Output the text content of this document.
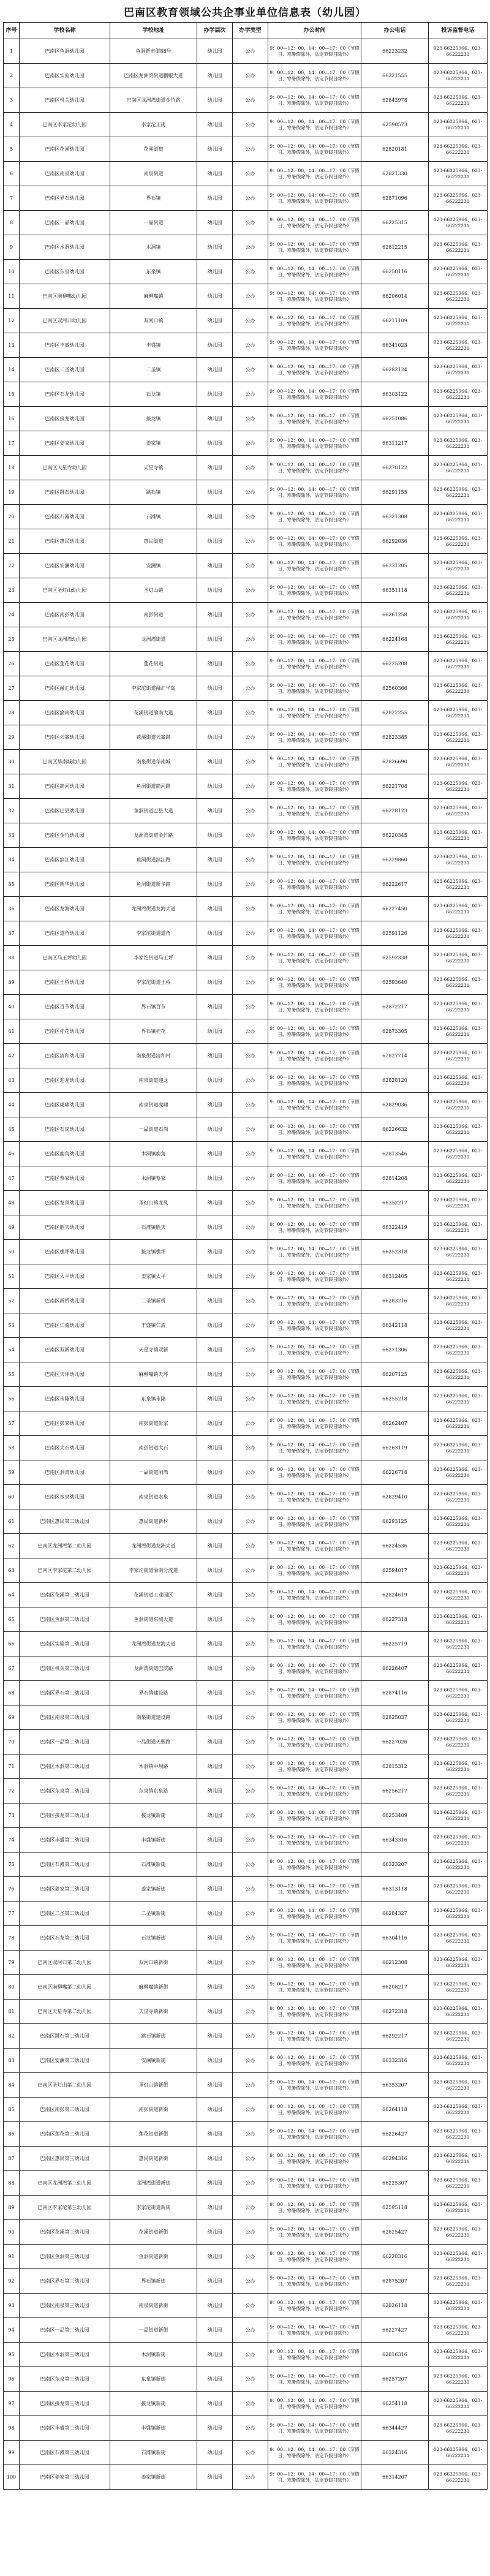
巴南区教育领域公共企事业单位信息表（幼儿园）
序号	学校名称	学校地址	办学层次	办学类型	办公时间	办公电话	投诉监督电话
1	巴南区鱼洞幼儿园	鱼洞新市街88号	幼儿园	公办	9：00—12：00，14：00—17：00（节假日、寒暑假除外，法定节假日除外）	66223232	023-66225966、023-66222231
2	巴南区实验幼儿园	巴南区龙洲湾街道鹏鲲大道	幼儿园	公办	9：00—12：00，14：00—17：00（节假日、寒暑假除外，法定节假日除外）	66221555	023-66225966、023-66222231
3	巴南区机关幼儿园	巴南区龙洲湾街道金竹路	幼儿园	公办	9：00—12：00，14：00—17：00（节假日、寒暑假除外，法定节假日除外）	62843978	023-66225966、023-66222231
4	巴南区李家沱幼儿园	李家沱正街	幼儿园	公办	9：00—12：00，14：00—17：00（节假日、寒暑假除外，法定节假日除外）	62590573	023-66225966、023-66222231
5	巴南区花溪幼儿园	花溪街道	幼儿园	公办	9：00—12：00，14：00—17：00（节假日、寒暑假除外，法定节假日除外）	62820181	023-66225966、023-66222231
6	巴南区南泉幼儿园	南泉街道	幼儿园	公办	9：00—12：00，14：00—17：00（节假日、寒暑假除外，法定节假日除外）	62821330	023-66225966、023-66222231
7	巴南区界石幼儿园	界石镇	幼儿园	公办	9：00—12：00，14：00—17：00（节假日、寒暑假除外，法定节假日除外）	62871096	023-66225966、023-66222231
8	巴南区一品幼儿园	一品街道	幼儿园	公办	9：00—12：00，14：00—17：00（节假日、寒暑假除外，法定节假日除外）	66225315	023-66225966、023-66222231
9	巴南区木洞幼儿园	木洞镇	幼儿园	公办	9：00—12：00，14：00—17：00（节假日、寒暑假除外，法定节假日除外）	62812215	023-66225966、023-66222231
10	巴南区东泉幼儿园	东泉镇	幼儿园	公办	9：00—12：00，14：00—17：00（节假日、寒暑假除外，法定节假日除外）	66250116	023-66225966、023-66222231
11	巴南区麻柳嘴幼儿园	麻柳嘴镇	幼儿园	公办	9：00—12：00，14：00—17：00（节假日、寒暑假除外，法定节假日除外）	66206014	023-66225966、023-66222231
12	巴南区双河口幼儿园	双河口镇	幼儿园	公办	9：00—12：00，14：00—17：00（节假日、寒暑假除外，法定节假日除外）	66211109	023-66225966、023-66222231
13	巴南区丰盛幼儿园	丰盛镇	幼儿园	公办	9：00—12：00，14：00—17：00（节假日、寒暑假除外，法定节假日除外）	66341023	023-66225966、023-66222231
14	巴南区二圣幼儿园	二圣镇	幼儿园	公办	9：00—12：00，14：00—17：00（节假日、寒暑假除外，法定节假日除外）	66282124	023-66225966、023-66222231
15	巴南区石龙幼儿园	石龙镇	幼儿园	公办	9：00—12：00，14：00—17：00（节假日、寒暑假除外，法定节假日除外）	66303122	023-66225966、023-66222231
16	巴南区接龙幼儿园	接龙镇	幼儿园	公办	9：00—12：00，14：00—17：00（节假日、寒暑假除外，法定节假日除外）	66251086	023-66225966、023-66222231
17	巴南区姜家幼儿园	姜家镇	幼儿园	公办	9：00—12：00，14：00—17：00（节假日、寒暑假除外，法定节假日除外）	66311217	023-66225966、023-66222231
18	巴南区天星寺幼儿园	天星寺镇	幼儿园	公办	9：00—12：00，14：00—17：00（节假日、寒暑假除外，法定节假日除外）	66270122	023-66225966、023-66222231
19	巴南区跳石幼儿园	跳石镇	幼儿园	公办	9：00—12：00，14：00—17：00（节假日、寒暑假除外，法定节假日除外）	66291155	023-66225966、023-66222231
20	巴南区石滩幼儿园	石滩镇	幼儿园	公办	9：00—12：00，14：00—17：00（节假日、寒暑假除外，法定节假日除外）	66321308	023-66225966、023-66222231
21	巴南区惠民幼儿园	惠民街道	幼儿园	公办	9：00—12：00，14：00—17：00（节假日、寒暑假除外，法定节假日除外）	66292036	023-66225966、023-66222231
22	巴南区安澜幼儿园	安澜镇	幼儿园	公办	9：00—12：00，14：00—17：00（节假日、寒暑假除外，法定节假日除外）	66331205	023-66225966、023-66222231
23	巴南区圣灯山幼儿园	圣灯山镇	幼儿园	公办	9：00—12：00，14：00—17：00（节假日、寒暑假除外，法定节假日除外）	66351118	023-66225966、023-66222231
24	巴南区南彭幼儿园	南彭街道	幼儿园	公办	9：00—12：00，14：00—17：00（节假日、寒暑假除外，法定节假日除外）	66261258	023-66225966、023-66222231
25	巴南区龙洲湾幼儿园	龙洲湾街道	幼儿园	公办	9：00—12：00，14：00—17：00（节假日、寒暑假除外，法定节假日除外）	66224168	023-66225966、023-66222231
26	巴南区莲花幼儿园	莲花街道	幼儿园	公办	9：00—12：00，14：00—17：00（节假日、寒暑假除外，法定节假日除外）	66225208	023-66225966、023-66222231
27	巴南区融汇幼儿园	李家沱街道融汇半岛	幼儿园	公办	9：00—12：00，14：00—17：00（节假日、寒暑假除外，法定节假日除外）	62560366	023-66225966、023-66222231
28	巴南区渝南幼儿园	花溪街道渝南大道	幼儿园	公办	9：00—12：00，14：00—17：00（节假日、寒暑假除外，法定节假日除外）	62822255	023-66225966、023-66222231
29	巴南区云篆幼儿园	花溪街道云篆路	幼儿园	公办	9：00—12：00，14：00—17：00（节假日、寒暑假除外，法定节假日除外）	62823385	023-66225966、023-66222231
30	巴南区华南城幼儿园	南泉街道华南城	幼儿园	公办	9：00—12：00，14：00—17：00（节假日、寒暑假除外，法定节假日除外）	62826690	023-66225966、023-66222231
31	巴南区箭河幼儿园	鱼洞街道箭河路	幼儿园	公办	9：00—12：00，14：00—17：00（节假日、寒暑假除外，法定节假日除外）	66221708	023-66225966、023-66222231
32	巴南区巴县幼儿园	鱼洞街道巴县大道	幼儿园	公办	9：00—12：00，14：00—17：00（节假日、寒暑假除外，法定节假日除外）	66228123	023-66225966、023-66222231
33	巴南区金竹幼儿园	龙洲湾街道金竹路	幼儿园	公办	9：00—12：00，14：00—17：00（节假日、寒暑假除外，法定节假日除外）	66220345	023-66225966、023-66222231
34	巴南区滨江幼儿园	鱼洞街道滨江路	幼儿园	公办	9：00—12：00，14：00—17：00（节假日、寒暑假除外，法定节假日除外）	66229860	023-66225966、023-66222231
35	巴南区新华幼儿园	鱼洞街道新华路	幼儿园	公办	9：00—12：00，14：00—17：00（节假日、寒暑假除外，法定节假日除外）	66222617	023-66225966、023-66222231
36	巴南区龙海幼儿园	龙洲湾街道龙海大道	幼儿园	公办	9：00—12：00，14：00—17：00（节假日、寒暑假除外，法定节假日除外）	66227450	023-66225966、023-66222231
37	巴南区道角幼儿园	李家沱街道道角	幼儿园	公办	9：00—12：00，14：00—17：00（节假日、寒暑假除外，法定节假日除外）	62591126	023-66225966、023-66222231
38	巴南区马王坪幼儿园	李家沱街道马王坪	幼儿园	公办	9：00—12：00，14：00—17：00（节假日、寒暑假除外，法定节假日除外）	62592338	023-66225966、023-66222231
39	巴南区土桥幼儿园	李家沱街道土桥	幼儿园	公办	9：00—12：00，14：00—17：00（节假日、寒暑假除外，法定节假日除外）	62593640	023-66225966、023-66222231
40	巴南区百节幼儿园	界石镇百节	幼儿园	公办	9：00—12：00，14：00—17：00（节假日、寒暑假除外，法定节假日除外）	62872217	023-66225966、023-66222231
41	巴南区桂花幼儿园	界石镇桂花	幼儿园	公办	9：00—12：00，14：00—17：00（节假日、寒暑假除外，法定节假日除外）	62873305	023-66225966、023-66222231
42	巴南区清和幼儿园	南泉街道清和村	幼儿园	公办	9：00—12：00，14：00—17：00（节假日、寒暑假除外，法定节假日除外）	62827714	023-66225966、023-66222231
43	巴南区迎龙幼儿园	南泉街道迎龙	幼儿园	公办	9：00—12：00，14：00—17：00（节假日、寒暑假除外，法定节假日除外）	62828120	023-66225966、023-66222231
44	巴南区虎啸幼儿园	南泉街道虎啸	幼儿园	公办	9：00—12：00，14：00—17：00（节假日、寒暑假除外，法定节假日除外）	62829036	023-66225966、023-66222231
45	巴南区石岗幼儿园	一品街道石岗	幼儿园	公办	9：00—12：00，14：00—17：00（节假日、寒暑假除外，法定节假日除外）	66226632	023-66225966、023-66222231
46	巴南区鹿角幼儿园	木洞镇鹿角	幼儿园	公办	9：00—12：00，14：00—17：00（节假日、寒暑假除外，法定节假日除外）	62813546	023-66225966、023-66222231
47	巴南区蔡家幼儿园	木洞镇蔡家	幼儿园	公办	9：00—12：00，14：00—17：00（节假日、寒暑假除外，法定节假日除外）	62814208	023-66225966、023-66222231
48	巴南区龙凤幼儿园	圣灯山镇龙凤	幼儿园	公办	9：00—12：00，14：00—17：00（节假日、寒暑假除外，法定节假日除外）	66352217	023-66225966、023-66222231
49	巴南区胜天幼儿园	石滩镇胜天	幼儿园	公办	9：00—12：00，14：00—17：00（节假日、寒暑假除外，法定节假日除外）	66322419	023-66225966、023-66222231
50	巴南区樵坪幼儿园	接龙镇樵坪	幼儿园	公办	9：00—12：00，14：00—17：00（节假日、寒暑假除外，法定节假日除外）	66252318	023-66225966、023-66222231
51	巴南区太平幼儿园	姜家镇太平	幼儿园	公办	9：00—12：00，14：00—17：00（节假日、寒暑假除外，法定节假日除外）	66312405	023-66225966、023-66222231
52	巴南区新桥幼儿园	二圣镇新桥	幼儿园	公办	9：00—12：00，14：00—17：00（节假日、寒暑假除外，法定节假日除外）	66283216	023-66225966、023-66222231
53	巴南区仁流幼儿园	丰盛镇仁流	幼儿园	公办	9：00—12：00，14：00—17：00（节假日、寒暑假除外，法定节假日除外）	66342118	023-66225966、023-66222231
54	巴南区双新幼儿园	天星寺镇双新	幼儿园	公办	9：00—12：00，14：00—17：00（节假日、寒暑假除外，法定节假日除外）	66271306	023-66225966、023-66222231
55	巴南区天坪幼儿园	麻柳嘴镇天坪	幼儿园	公办	9：00—12：00，14：00—17：00（节假日、寒暑假除外，法定节假日除外）	66207125	023-66225966、023-66222231
56	巴南区永隆幼儿园	东泉镇永隆	幼儿园	公办	9：00—12：00，14：00—17：00（节假日、寒暑假除外，法定节假日除外）	66255218	023-66225966、023-66222231
57	巴南区彭家幼儿园	南彭街道彭家	幼儿园	公办	9：00—12：00，14：00—17：00（节假日、寒暑假除外，法定节假日除外）	66262407	023-66225966、023-66222231
58	巴南区大石幼儿园	南彭街道大石	幼儿园	公办	9：00—12：00，14：00—17：00（节假日、寒暑假除外，法定节假日除外）	66263119	023-66225966、023-66222231
59	巴南区洞湾幼儿园	一品街道洞湾	幼儿园	公办	9：00—12：00，14：00—17：00（节假日、寒暑假除外，法定节假日除外）	66226718	023-66225966、023-66222231
60	巴南区水泉幼儿园	南泉街道水泉	幼儿园	公办	9：00—12：00，14：00—17：00（节假日、寒暑假除外，法定节假日除外）	62829410	023-66225966、023-66222231
61	巴南区惠民第二幼儿园	惠民街道新村	幼儿园	公办	9：00—12：00，14：00—17：00（节假日、寒暑假除外，法定节假日除外）	66293125	023-66225966、023-66222231
62	巴南区龙洲湾第二幼儿园	龙洲湾街道龙洲大道	幼儿园	公办	9：00—12：00，14：00—17：00（节假日、寒暑假除外，法定节假日除外）	66224536	023-66225966、023-66222231
63	巴南区李家沱第二幼儿园	李家沱街道渝南分流道	幼儿园	公办	9：00—12：00，14：00—17：00（节假日、寒暑假除外，法定节假日除外）	62594017	023-66225966、023-66222231
64	巴南区花溪第二幼儿园	花溪街道工业园区	幼儿园	公办	9：00—12：00，14：00—17：00（节假日、寒暑假除外，法定节假日除外）	62824619	023-66225966、023-66222231
65	巴南区鱼洞第二幼儿园	鱼洞街道东城大道	幼儿园	公办	9：00—12：00，14：00—17：00（节假日、寒暑假除外，法定节假日除外）	66227318	023-66225966、023-66222231
66	巴南区实验第二幼儿园	龙洲湾街道龙海大道	幼儿园	公办	9：00—12：00，14：00—17：00（节假日、寒暑假除外，法定节假日除外）	66225719	023-66225966、023-66222231
67	巴南区机关第二幼儿园	龙洲湾街道巴滨路	幼儿园	公办	9：00—12：00，14：00—17：00（节假日、寒暑假除外，法定节假日除外）	66228407	023-66225966、023-66222231
68	巴南区界石第二幼儿园	界石镇建设路	幼儿园	公办	9：00—12：00，14：00—17：00（节假日、寒暑假除外，法定节假日除外）	62874116	023-66225966、023-66222231
69	巴南区南泉第二幼儿园	南泉街道建设路	幼儿园	公办	9：00—12：00，14：00—17：00（节假日、寒暑假除外，法定节假日除外）	62825037	023-66225966、023-66222231
70	巴南区一品第二幼儿园	一品街道天赐路	幼儿园	公办	9：00—12：00，14：00—17：00（节假日、寒暑假除外，法定节假日除外）	66227026	023-66225966、023-66222231
71	巴南区木洞第二幼儿园	木洞镇中坝路	幼儿园	公办	9：00—12：00，14：00—17：00（节假日、寒暑假除外，法定节假日除外）	62815312	023-66225966、023-66222231
72	巴南区东泉第二幼儿园	东泉镇东泉路	幼儿园	公办	9：00—12：00，14：00—17：00（节假日、寒暑假除外，法定节假日除外）	66256217	023-66225966、023-66222231
73	巴南区接龙第二幼儿园	接龙镇新街	幼儿园	公办	9：00—12：00，14：00—17：00（节假日、寒暑假除外，法定节假日除外）	66253409	023-66225966、023-66222231
74	巴南区丰盛第二幼儿园	丰盛镇新街	幼儿园	公办	9：00—12：00，14：00—17：00（节假日、寒暑假除外，法定节假日除外）	66343316	023-66225966、023-66222231
75	巴南区石滩第二幼儿园	石滩镇新街	幼儿园	公办	9：00—12：00，14：00—17：00（节假日、寒暑假除外，法定节假日除外）	66323207	023-66225966、023-66222231
76	巴南区姜家第二幼儿园	姜家镇新街	幼儿园	公办	9：00—12：00，14：00—17：00（节假日、寒暑假除外，法定节假日除外）	66313118	023-66225966、023-66222231
77	巴南区二圣第二幼儿园	二圣镇新街	幼儿园	公办	9：00—12：00，14：00—17：00（节假日、寒暑假除外，法定节假日除外）	66284327	023-66225966、023-66222231
78	巴南区石龙第二幼儿园	石龙镇新街	幼儿园	公办	9：00—12：00，14：00—17：00（节假日、寒暑假除外，法定节假日除外）	66304116	023-66225966、023-66222231
79	巴南区双河口第二幼儿园	双河口镇新街	幼儿园	公办	9：00—12：00，14：00—17：00（节假日、寒暑假除外，法定节假日除外）	66212308	023-66225966、023-66222231
80	巴南区麻柳嘴第二幼儿园	麻柳嘴镇新街	幼儿园	公办	9：00—12：00，14：00—17：00（节假日、寒暑假除外，法定节假日除外）	66208217	023-66225966、023-66222231
81	巴南区天星寺第二幼儿园	天星寺镇新街	幼儿园	公办	9：00—12：00，14：00—17：00（节假日、寒暑假除外，法定节假日除外）	66272318	023-66225966、023-66222231
82	巴南区跳石第二幼儿园	跳石镇新街	幼儿园	公办	9：00—12：00，14：00—17：00（节假日、寒暑假除外，法定节假日除外）	66292217	023-66225966、023-66222231
83	巴南区安澜第二幼儿园	安澜镇新街	幼儿园	公办	9：00—12：00，14：00—17：00（节假日、寒暑假除外，法定节假日除外）	66332316	023-66225966、023-66222231
84	巴南区圣灯山第二幼儿园	圣灯山镇新街	幼儿园	公办	9：00—12：00，14：00—17：00（节假日、寒暑假除外，法定节假日除外）	66353207	023-66225966、023-66222231
85	巴南区南彭第二幼儿园	南彭街道新街	幼儿园	公办	9：00—12：00，14：00—17：00（节假日、寒暑假除外，法定节假日除外）	66264118	023-66225966、023-66222231
86	巴南区莲花第二幼儿园	莲花街道新街	幼儿园	公办	9：00—12：00，14：00—17：00（节假日、寒暑假除外，法定节假日除外）	66226427	023-66225966、023-66222231
87	巴南区惠民第三幼儿园	惠民街道新街	幼儿园	公办	9：00—12：00，14：00—17：00（节假日、寒暑假除外，法定节假日除外）	66294316	023-66225966、023-66222231
88	巴南区龙洲湾第三幼儿园	龙洲湾街道新街	幼儿园	公办	9：00—12：00，14：00—17：00（节假日、寒暑假除外，法定节假日除外）	66225307	023-66225966、023-66222231
89	巴南区李家沱第三幼儿园	李家沱街道新街	幼儿园	公办	9：00—12：00，14：00—17：00（节假日、寒暑假除外，法定节假日除外）	62595118	023-66225966、023-66222231
90	巴南区花溪第三幼儿园	花溪街道新街	幼儿园	公办	9：00—12：00，14：00—17：00（节假日、寒暑假除外，法定节假日除外）	62825427	023-66225966、023-66222231
91	巴南区鱼洞第三幼儿园	鱼洞街道新街	幼儿园	公办	9：00—12：00，14：00—17：00（节假日、寒暑假除外，法定节假日除外）	66228316	023-66225966、023-66222231
92	巴南区界石第三幼儿园	界石镇新街	幼儿园	公办	9：00—12：00，14：00—17：00（节假日、寒暑假除外，法定节假日除外）	62875207	023-66225966、023-66222231
93	巴南区南泉第三幼儿园	南泉街道新街	幼儿园	公办	9：00—12：00，14：00—17：00（节假日、寒暑假除外，法定节假日除外）	62826118	023-66225966、023-66222231
94	巴南区一品第三幼儿园	一品街道新街	幼儿园	公办	9：00—12：00，14：00—17：00（节假日、寒暑假除外，法定节假日除外）	66227427	023-66225966、023-66222231
95	巴南区木洞第三幼儿园	木洞镇新街	幼儿园	公办	9：00—12：00，14：00—17：00（节假日、寒暑假除外，法定节假日除外）	62816316	023-66225966、023-66222231
96	巴南区东泉第三幼儿园	东泉镇新街	幼儿园	公办	9：00—12：00，14：00—17：00（节假日、寒暑假除外，法定节假日除外）	66257207	023-66225966、023-66222231
97	巴南区接龙第三幼儿园	接龙镇新街	幼儿园	公办	9：00—12：00，14：00—17：00（节假日、寒暑假除外，法定节假日除外）	66254118	023-66225966、023-66222231
98	巴南区丰盛第三幼儿园	丰盛镇新街	幼儿园	公办	9：00—12：00，14：00—17：00（节假日、寒暑假除外，法定节假日除外）	66344427	023-66225966、023-66222231
99	巴南区石滩第三幼儿园	石滩镇新街	幼儿园	公办	9：00—12：00，14：00—17：00（节假日、寒暑假除外，法定节假日除外）	66324316	023-66225966、023-66222231
100	巴南区姜家第三幼儿园	姜家镇新街	幼儿园	公办	9：00—12：00，14：00—17：00（节假日、寒暑假除外，法定节假日除外）	66314207	023-66225966、023-66222231
